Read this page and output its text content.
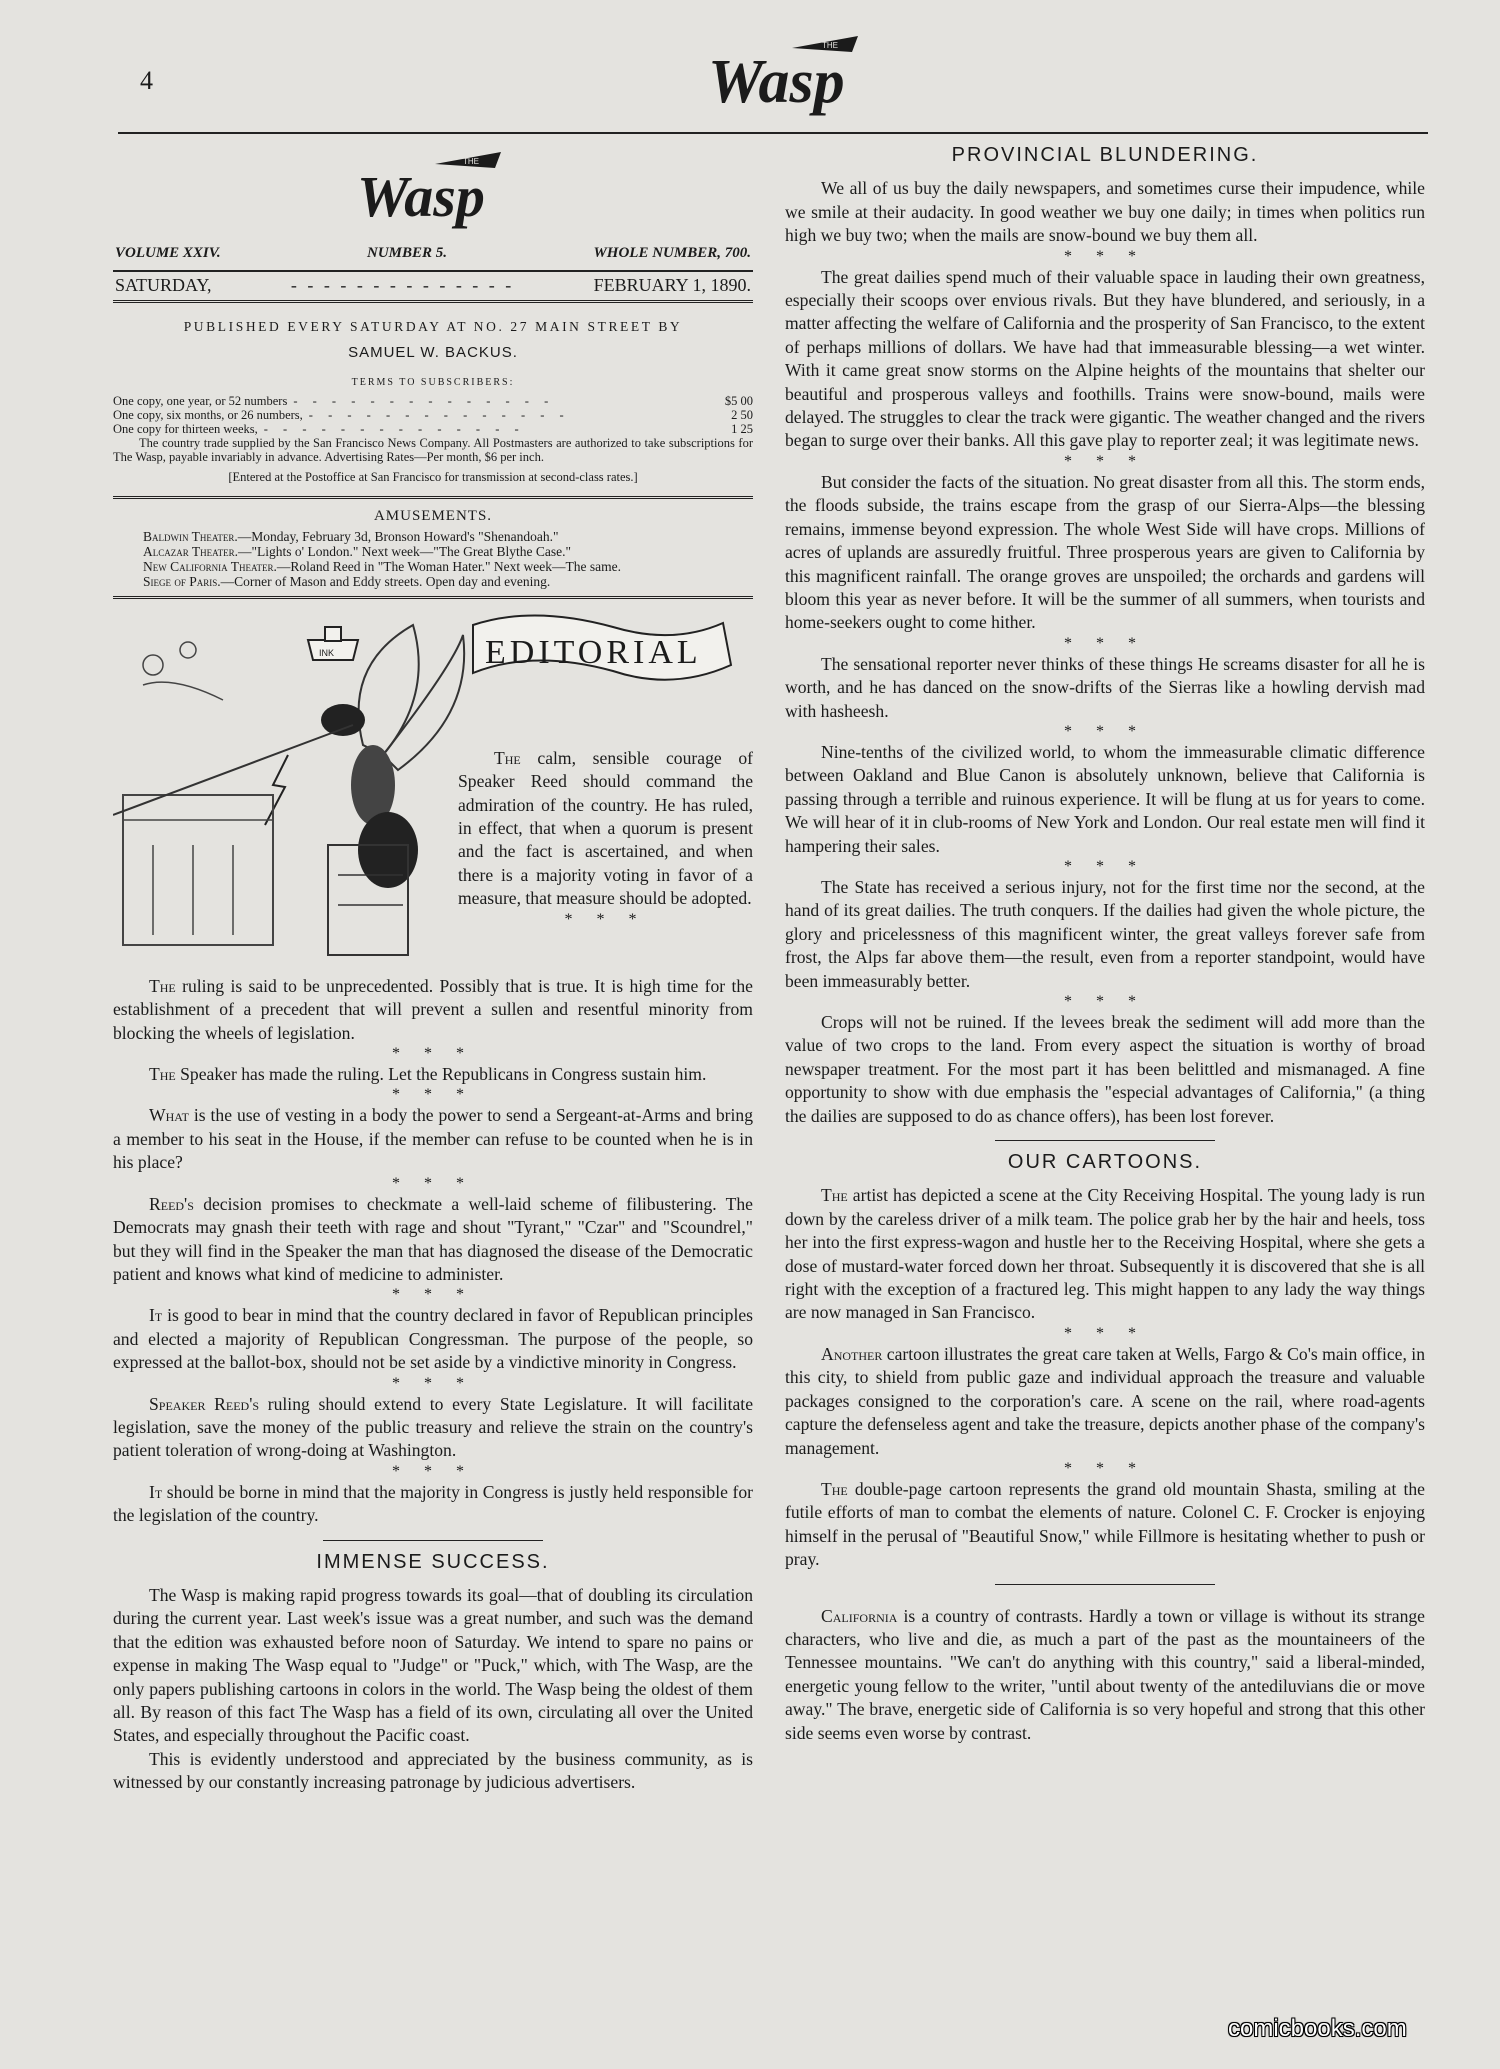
4
THE
Wasp
THE
Wasp
VOLUME XXIV.	NUMBER 5.	WHOLE NUMBER, 700.
SATURDAY,	- - - - - - - - - - - - - -	FEBRUARY 1, 1890.
PUBLISHED EVERY SATURDAY AT NO. 27 MAIN STREET BY
SAMUEL W. BACKUS.
TERMS TO SUBSCRIBERS:
One copy, one year, or 52 numbers - - - - - - - - - - - - - -	$5 00
One copy, six months, or 26 numbers, - - - - - - - - - - - - - -	2 50
One copy for thirteen weeks, - - - - - - - - - - - - - -	1 25
The country trade supplied by the San Francisco News Company. All Postmasters are authorized to take subscriptions for The Wasp, payable invariably in advance. Advertising Rates—Per month, $6 per inch.
[Entered at the Postoffice at San Francisco for transmission at second-class rates.]
AMUSEMENTS.

Baldwin Theater.—Monday, February 3d, Bronson Howard's "Shenandoah."

Alcazar Theater.—"Lights o' London." Next week—"The Great Blythe Case."

New California Theater.—Roland Reed in "The Woman Hater." Next week—The same.

Siege of Paris.—Corner of Mason and Eddy streets. Open day and evening.

EDITORIAL
INK

The calm, sensible courage of Speaker Reed should command the admiration of the country. He has ruled, in effect, that when a quorum is present and the fact is ascertained, and when there is a majority voting in favor of a measure, that measure should be adopted.

* * *

The ruling is said to be unprecedented. Possibly that is true. It is high time for the establishment of a precedent that will prevent a sullen and resentful minority from blocking the wheels of legislation.

* * *

The Speaker has made the ruling. Let the Republicans in Congress sustain him.

* * *

What is the use of vesting in a body the power to send a Sergeant-at-Arms and bring a member to his seat in the House, if the member can refuse to be counted when he is in his place?

* * *

Reed's decision promises to checkmate a well-laid scheme of filibustering. The Democrats may gnash their teeth with rage and shout "Tyrant," "Czar" and "Scoundrel," but they will find in the Speaker the man that has diagnosed the disease of the Democratic patient and knows what kind of medicine to administer.

* * *

It is good to bear in mind that the country declared in favor of Republican principles and elected a majority of Republican Congressman. The purpose of the people, so expressed at the ballot-box, should not be set aside by a vindictive minority in Congress.

* * *

Speaker Reed's ruling should extend to every State Legislature. It will facilitate legislation, save the money of the public treasury and relieve the strain on the country's patient toleration of wrong-doing at Washington.

* * *

It should be borne in mind that the majority in Congress is justly held responsible for the legislation of the country.

IMMENSE SUCCESS.

The Wasp is making rapid progress towards its goal—that of doubling its circulation during the current year. Last week's issue was a great number, and such was the demand that the edition was exhausted before noon of Saturday. We intend to spare no pains or expense in making The Wasp equal to "Judge" or "Puck," which, with The Wasp, are the only papers publishing cartoons in colors in the world. The Wasp being the oldest of them all. By reason of this fact The Wasp has a field of its own, circulating all over the United States, and especially throughout the Pacific coast.

This is evidently understood and appreciated by the business community, as is witnessed by our constantly increasing patronage by judicious advertisers.

PROVINCIAL BLUNDERING.

We all of us buy the daily newspapers, and sometimes curse their impudence, while we smile at their audacity. In good weather we buy one daily; in times when politics run high we buy two; when the mails are snow-bound we buy them all.

* * *

The great dailies spend much of their valuable space in lauding their own greatness, especially their scoops over envious rivals. But they have blundered, and seriously, in a matter affecting the welfare of California and the prosperity of San Francisco, to the extent of perhaps millions of dollars. We have had that immeasurable blessing—a wet winter. With it came great snow storms on the Alpine heights of the mountains that shelter our beautiful and prosperous valleys and foothills. Trains were snow-bound, mails were delayed. The struggles to clear the track were gigantic. The weather changed and the rivers began to surge over their banks. All this gave play to reporter zeal; it was legitimate news.

* * *

But consider the facts of the situation. No great disaster from all this. The storm ends, the floods subside, the trains escape from the grasp of our Sierra-Alps—the blessing remains, immense beyond expression. The whole West Side will have crops. Millions of acres of uplands are assuredly fruitful. Three prosperous years are given to California by this magnificent rainfall. The orange groves are unspoiled; the orchards and gardens will bloom this year as never before. It will be the summer of all summers, when tourists and home-seekers ought to come hither.

* * *

The sensational reporter never thinks of these things He screams disaster for all he is worth, and he has danced on the snow-drifts of the Sierras like a howling dervish mad with hasheesh.

* * *

Nine-tenths of the civilized world, to whom the immeasurable climatic difference between Oakland and Blue Canon is absolutely unknown, believe that California is passing through a terrible and ruinous experience. It will be flung at us for years to come. We will hear of it in club-rooms of New York and London. Our real estate men will find it hampering their sales.

* * *

The State has received a serious injury, not for the first time nor the second, at the hand of its great dailies. The truth conquers. If the dailies had given the whole picture, the glory and pricelessness of this magnificent winter, the great valleys forever safe from frost, the Alps far above them—the result, even from a reporter standpoint, would have been immeasurably better.

* * *

Crops will not be ruined. If the levees break the sediment will add more than the value of two crops to the land. From every aspect the situation is worthy of broad newspaper treatment. For the most part it has been belittled and mismanaged. A fine opportunity to show with due emphasis the "especial advantages of California," (a thing the dailies are supposed to do as chance offers), has been lost forever.

OUR CARTOONS.

The artist has depicted a scene at the City Receiving Hospital. The young lady is run down by the careless driver of a milk team. The police grab her by the hair and heels, toss her into the first express-wagon and hustle her to the Receiving Hospital, where she gets a dose of mustard-water forced down her throat. Subsequently it is discovered that she is all right with the exception of a fractured leg. This might happen to any lady the way things are now managed in San Francisco.

* * *

Another cartoon illustrates the great care taken at Wells, Fargo & Co's main office, in this city, to shield from public gaze and individual approach the treasure and valuable packages consigned to the corporation's care. A scene on the rail, where road-agents capture the defenseless agent and take the treasure, depicts another phase of the company's management.

* * *

The double-page cartoon represents the grand old mountain Shasta, smiling at the futile efforts of man to combat the elements of nature. Colonel C. F. Crocker is enjoying himself in the perusal of "Beautiful Snow," while Fillmore is hesitating whether to push or pray.

California is a country of contrasts. Hardly a town or village is without its strange characters, who live and die, as much a part of the past as the mountaineers of the Tennessee mountains. "We can't do anything with this country," said a liberal-minded, energetic young fellow to the writer, "until about twenty of the antediluvians die or move away." The brave, energetic side of California is so very hopeful and strong that this other side seems even worse by contrast.

comicbooks.com
